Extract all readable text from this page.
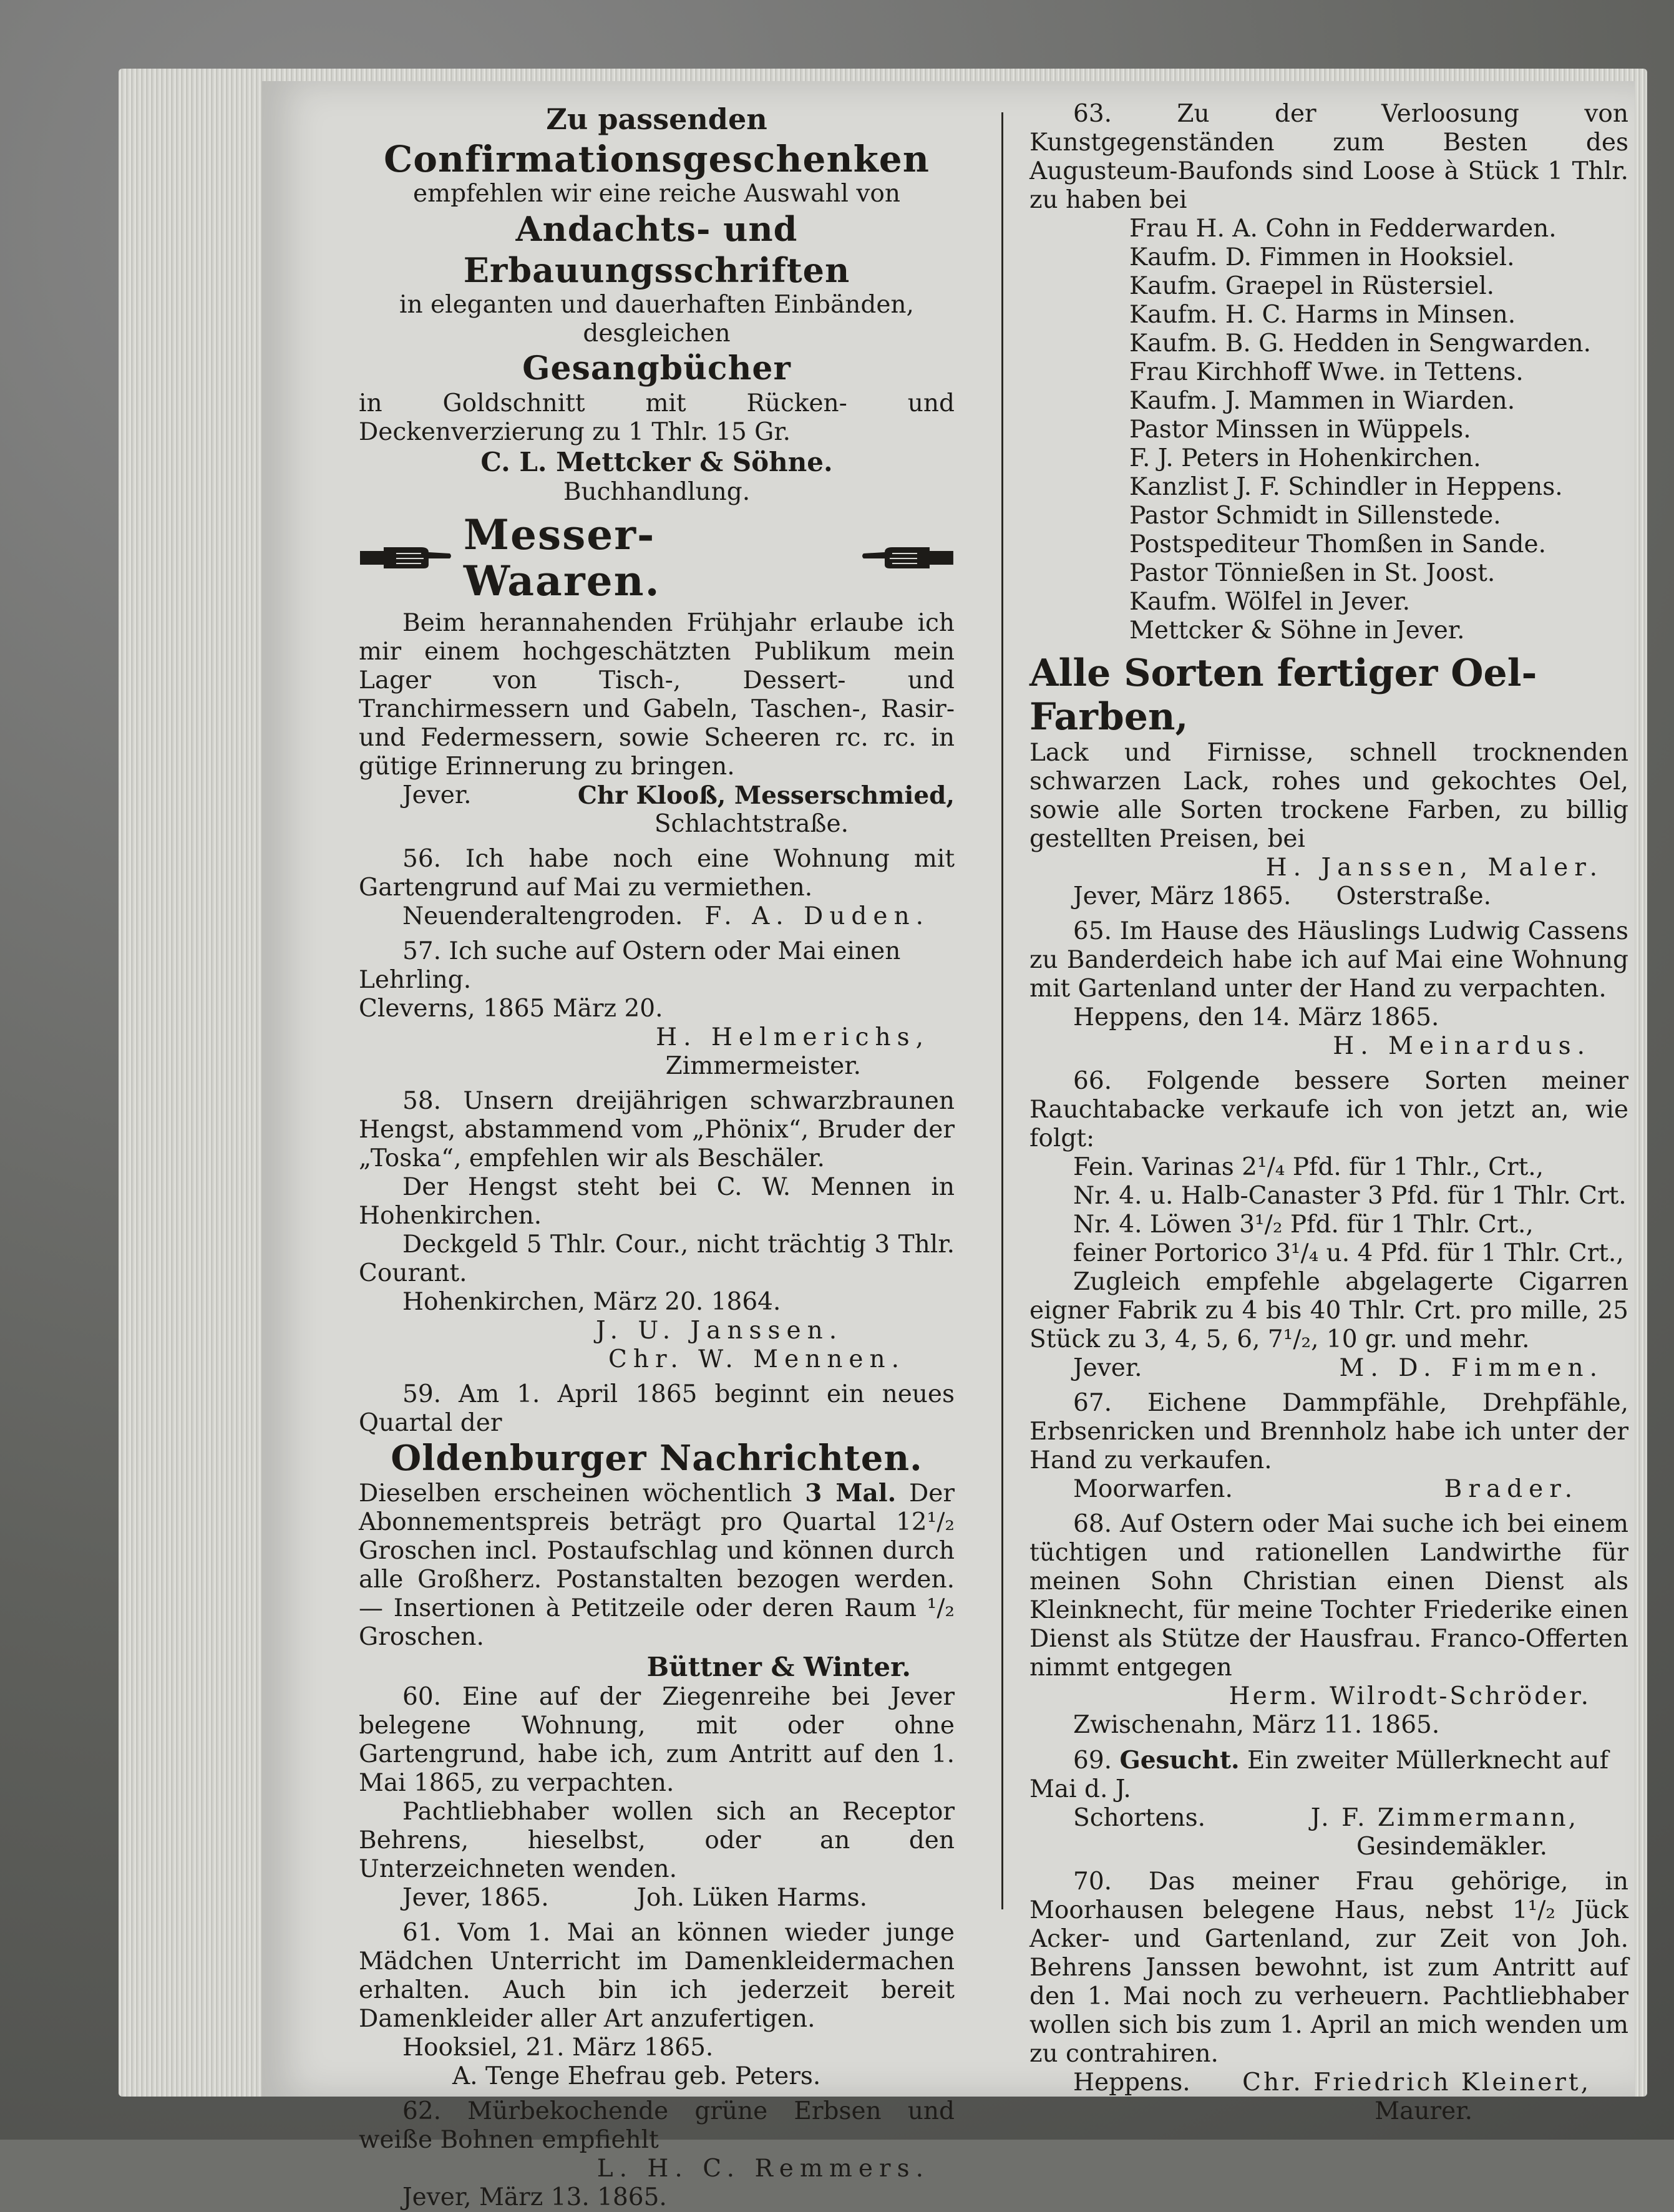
Zu passenden

Confirmationsgeschenken

empfehlen wir eine reiche Auswahl von

Andachts- und Erbauungsschriften

in eleganten und dauerhaften Einbänden, desgleichen

Gesangbücher

in Goldschnitt mit Rücken- und Deckenverzierung zu 1 Thlr. 15 Gr.

C. L. Mettcker & Söhne.

Buchhandlung.

Messer-Waaren.

Beim herannahenden Frühjahr erlaube ich mir einem hochgeschätzten Publikum mein Lager von Tisch-, Dessert- und Tranchirmessern und Gabeln, Taschen-, Rasir- und Federmessern, sowie Scheeren rc. rc. in gütige Erinnerung zu bringen.

Jever.	Chr Klooß, Messerschmied,

Schlachtstraße.

56. Ich habe noch eine Wohnung mit Gartengrund auf Mai zu vermiethen.

Neuenderaltengroden. F. A. Duden.

57. Ich suche auf Ostern oder Mai einen Lehrling.

Cleverns, 1865 März 20.

H. Helmerichs,

Zimmermeister.

58. Unsern dreijährigen schwarzbraunen Hengst, abstammend vom „Phönix“, Bruder der „Toska“, empfehlen wir als Beschäler.

Der Hengst steht bei C. W. Mennen in Hohenkirchen.

Deckgeld 5 Thlr. Cour., nicht trächtig 3 Thlr. Courant.

Hohenkirchen, März 20. 1864.

J. U. Janssen.

Chr. W. Mennen.

59. Am 1. April 1865 beginnt ein neues Quartal der

Oldenburger Nachrichten.

Dieselben erscheinen wöchentlich 3 Mal. Der Abonnementspreis beträgt pro Quartal 12¹/₂ Groschen incl. Postaufschlag und können durch alle Großherz. Postanstalten bezogen werden. — Insertionen à Petitzeile oder deren Raum ¹/₂ Groschen.

Büttner & Winter.

60. Eine auf der Ziegenreihe bei Jever belegene Wohnung, mit oder ohne Gartengrund, habe ich, zum Antritt auf den 1. Mai 1865, zu verpachten.

Pachtliebhaber wollen sich an Receptor Behrens, hieselbst, oder an den Unterzeichneten wenden.

Jever, 1865.	Joh. Lüken Harms.

61. Vom 1. Mai an können wieder junge Mädchen Unterricht im Damenkleidermachen erhalten. Auch bin ich jederzeit bereit Damenkleider aller Art anzufertigen.

Hooksiel, 21. März 1865.

A. Tenge Ehefrau geb. Peters.

62. Mürbekochende grüne Erbsen und weiße Bohnen empfiehlt

L. H. C. Remmers.

Jever, März 13. 1865.

63. Zu der Verloosung von Kunstgegenständen zum Besten des Augusteum-Baufonds sind Loose à Stück 1 Thlr. zu haben bei

Frau H. A. Cohn in Fedderwarden.

Kaufm. D. Fimmen in Hooksiel.

Kaufm. Graepel in Rüstersiel.

Kaufm. H. C. Harms in Minsen.

Kaufm. B. G. Hedden in Sengwarden.

Frau Kirchhoff Wwe. in Tettens.

Kaufm. J. Mammen in Wiarden.

Pastor Minssen in Wüppels.

F. J. Peters in Hohenkirchen.

Kanzlist J. F. Schindler in Heppens.

Pastor Schmidt in Sillenstede.

Postspediteur Thomßen in Sande.

Pastor Tönnießen in St. Joost.

Kaufm. Wölfel in Jever.

Mettcker & Söhne in Jever.

Alle Sorten fertiger Oel-Farben,

Lack und Firnisse, schnell trocknenden schwarzen Lack, rohes und gekochtes Oel, sowie alle Sorten trockene Farben, zu billig gestellten Preisen, bei

H. Janssen, Maler.

Jever, März 1865. Osterstraße.

65. Im Hause des Häuslings Ludwig Cassens zu Banderdeich habe ich auf Mai eine Wohnung mit Gartenland unter der Hand zu verpachten.

Heppens, den 14. März 1865.

H. Meinardus.

66. Folgende bessere Sorten meiner Rauchtabacke verkaufe ich von jetzt an, wie folgt:

Fein. Varinas 2¹/₄ Pfd. für 1 Thlr., Crt.,

Nr. 4. u. Halb-Canaster 3 Pfd. für 1 Thlr. Crt.

Nr. 4. Löwen 3¹/₂ Pfd. für 1 Thlr. Crt.,

feiner Portorico 3¹/₄ u. 4 Pfd. für 1 Thlr. Crt.,

Zugleich empfehle abgelagerte Cigarren eigner Fabrik zu 4 bis 40 Thlr. Crt. pro mille, 25 Stück zu 3, 4, 5, 6, 7¹/₂, 10 gr. und mehr.

Jever.	M. D. Fimmen.

67. Eichene Dammpfähle, Drehpfähle, Erbsenricken und Brennholz habe ich unter der Hand zu verkaufen.

Moorwarfen.	Brader.

68. Auf Ostern oder Mai suche ich bei einem tüchtigen und rationellen Landwirthe für meinen Sohn Christian einen Dienst als Kleinknecht, für meine Tochter Friederike einen Dienst als Stütze der Hausfrau. Franco-Offerten nimmt entgegen

Herm. Wilrodt-Schröder.

Zwischenahn, März 11. 1865.

69. Gesucht. Ein zweiter Müllerknecht auf Mai d. J.

Schortens.	J. F. Zimmermann,

Gesindemäkler.

70. Das meiner Frau gehörige, in Moorhausen belegene Haus, nebst 1¹/₂ Jück Acker- und Gartenland, zur Zeit von Joh. Behrens Janssen bewohnt, ist zum Antritt auf den 1. Mai noch zu verheuern. Pachtliebhaber wollen sich bis zum 1. April an mich wenden um zu contrahiren.

Heppens. Chr. Friedrich Kleinert,

Maurer.
